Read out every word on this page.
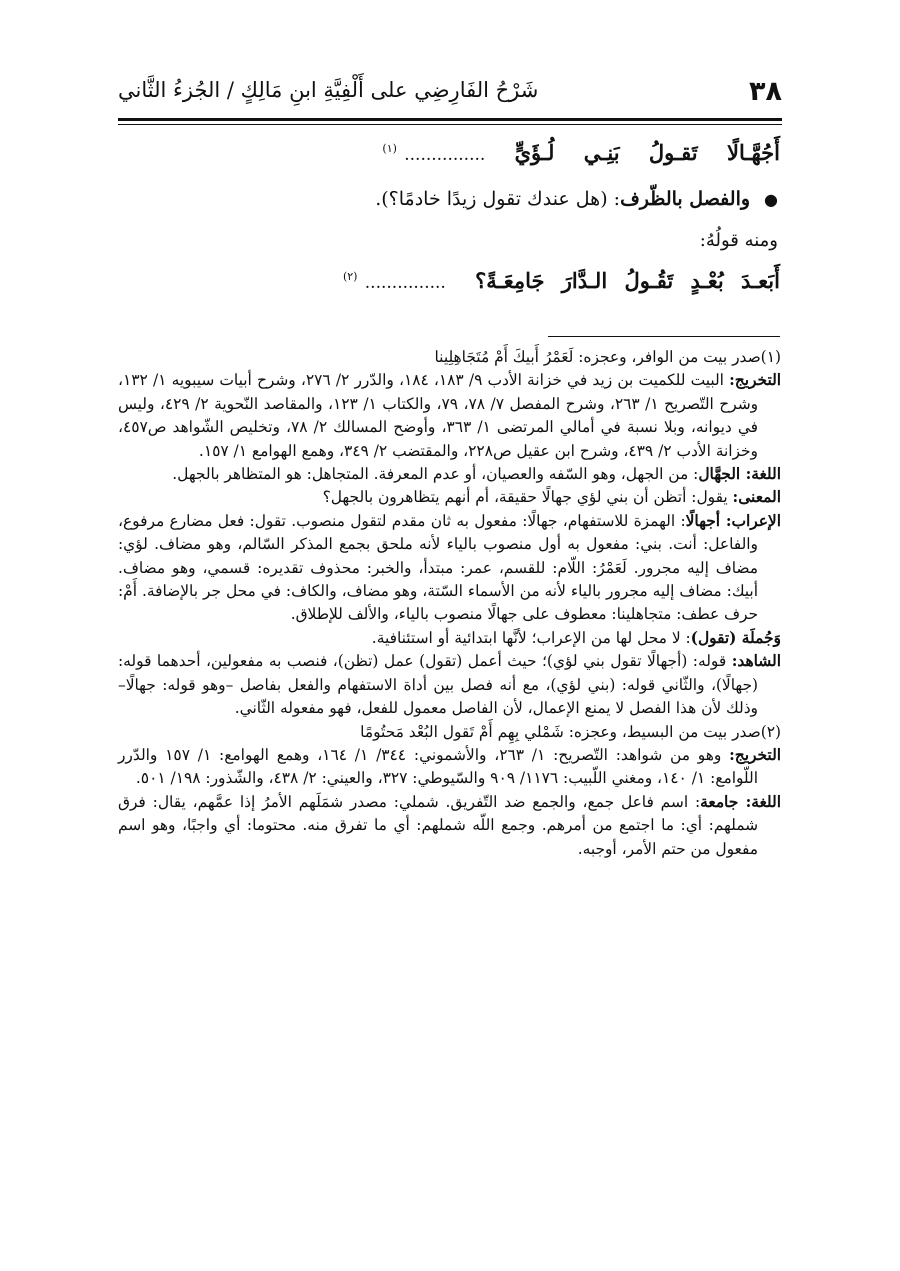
٣٨
شَرْحُ الفَارِضِي على أَلْفِيَّةِ ابنِ مَالِكٍ / الجُزءُ الثَّاني
أَجُهَّـالًا تَقـولُ بَنِـي لُـؤَيٍّ ............... $^{(١)}$
●والفصل بالظّرف: (هل عندك تقول زيدًا خادمًا؟).
ومنه قولُهُ:
أَبَعـدَ بُعْـدٍ تَقُـولُ الـدَّارَ جَامِعَـةً؟ ............... $^{(٢)}$

(١)صدر بيت من الوافر، وعجزه: لَعَمْرُ أَبيكَ أَمْ مُتَجَاهِلِينا

التخريج: البيت للكميت بن زيد في خزانة الأدب ٩/ ١٨٣، ١٨٤، والدّرر ٢/ ٢٧٦، وشرح أبيات سيبويه ١/ ١٣٢، وشرح التّصريح ١/ ٢٦٣، وشرح المفصل ٧/ ٧٨، ٧٩، والكتاب ١/ ١٢٣، والمقاصد النّحوية ٢/ ٤٢٩، وليس في ديوانه، وبلا نسبة في أمالي المرتضى ١/ ٣٦٣، وأوضح المسالك ٢/ ٧٨، وتخليص الشّواهد ص٤٥٧، وخزانة الأدب ٢/ ٤٣٩، وشرح ابن عقيل ص٢٢٨، والمقتضب ٢/ ٣٤٩، وهمع الهوامع ١/ ١٥٧.

اللغة: الجهَّال: من الجهل، وهو السّفه والعصيان، أو عدم المعرفة. المتجاهل: هو المتظاهر بالجهل.

المعنى: يقول: أتظن أن بني لؤي جهالًا حقيقة، أم أنهم يتظاهرون بالجهل؟

الإعراب: أجهالًا: الهمزة للاستفهام، جهالًا: مفعول به ثان مقدم لتقول منصوب. تقول: فعل مضارع مرفوع، والفاعل: أنت. بني: مفعول به أول منصوب بالياء لأنه ملحق بجمع المذكر السّالم، وهو مضاف. لؤي: مضاف إليه مجرور. لَعَمْرُ: اللّام: للقسم، عمر: مبتدأ، والخبر: محذوف تقديره: قسمي، وهو مضاف. أبيك: مضاف إليه مجرور بالياء لأنه من الأسماء السّتة، وهو مضاف، والكاف: في محل جر بالإضافة. أَمْ: حرف عطف: متجاهلينا: معطوف على جهالًا منصوب بالياء، والألف للإطلاق.

وَجُملَة (تقول): لا محل لها من الإعراب؛ لأنَّها ابتدائية أو استئنافية.

الشاهد: قوله: (أجهالًا تقول بني لؤي)؛ حيث أعمل (تقول) عمل (تظن)، فنصب به مفعولين، أحدهما قوله: (جهالًا)، والثّاني قوله: (بني لؤي)، مع أنه فصل بين أداة الاستفهام والفعل بفاصل –وهو قوله: جهالًا– وذلك لأن هذا الفصل لا يمنع الإعمال، لأن الفاصل معمول للفعل، فهو مفعوله الثّاني.

(٢)صدر بيت من البسيط، وعجزه: شَمْلي بِهِم أَمْ تَقول البُعْد مَحتُومًا

التخريج: وهو من شواهد: التّصريح: ١/ ٢٦٣، والأشموني: ٣٤٤/ ١/ ١٦٤، وهمع الهوامع: ١/ ١٥٧ والدّرر اللّوامع: ١/ ١٤٠، ومغني اللّبيب: ١١٧٦/ ٩٠٩ والسّيوطي: ٣٢٧، والعيني: ٢/ ٤٣٨، والشّذور: ١٩٨/ ٥٠١.

اللغة: جامعة: اسم فاعل جمع، والجمع ضد التّفريق. شملي: مصدر شمَلَهم الأمرُ إذا عمَّهم، يقال: فرق شملهم: أي: ما اجتمع من أمرهم. وجمع اللّه شملهم: أي ما تفرق منه. محتوما: أي واجبًا، وهو اسم مفعول من حتم الأمر، أوجبه.
